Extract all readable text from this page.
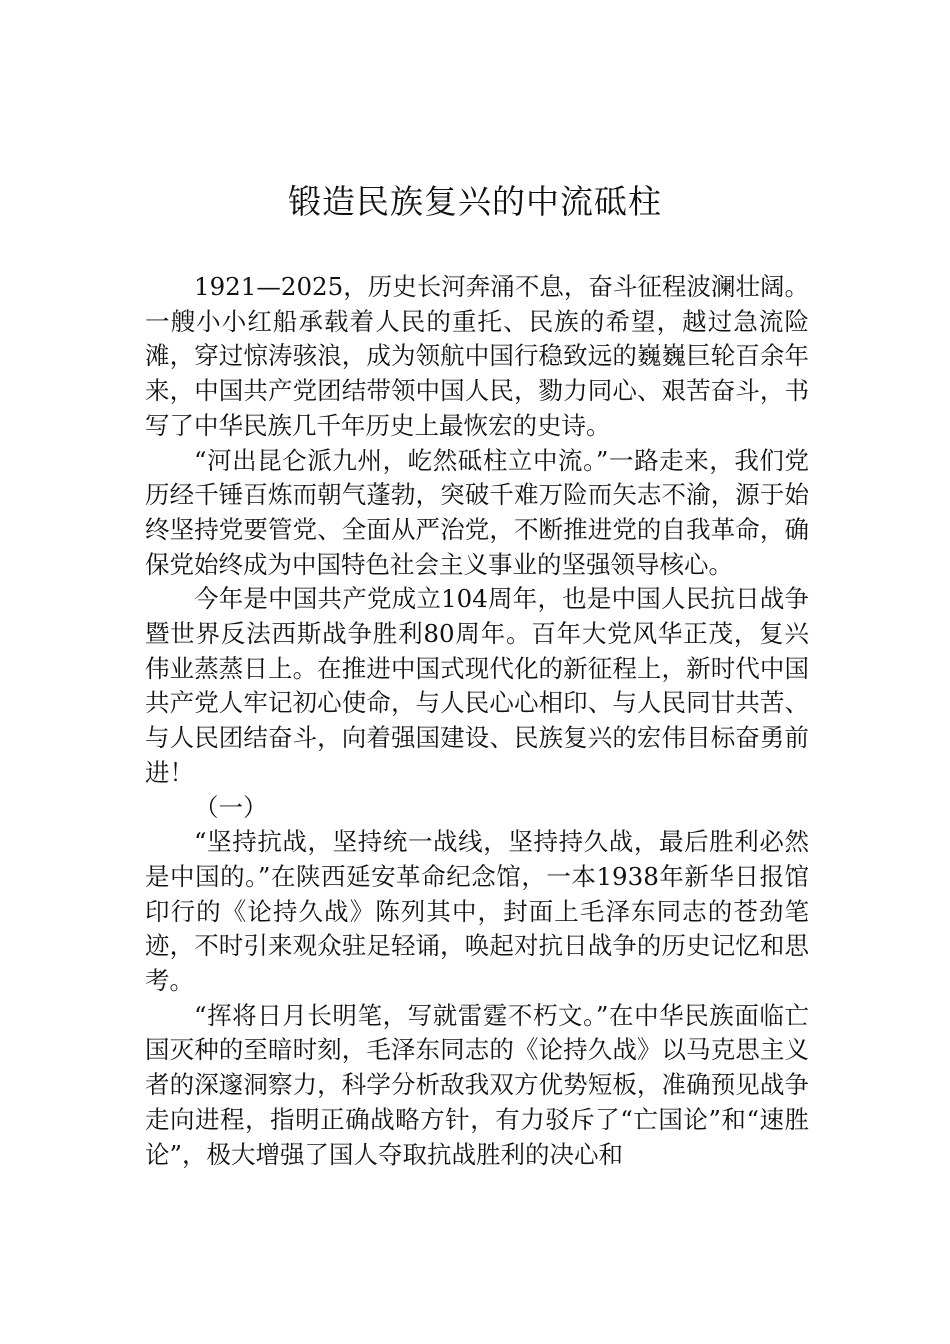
锻造民族复兴的中流砥柱

1921—2025，历史长河奔涌不息，奋斗征程波澜壮阔。一艘小小红船承载着人民的重托、民族的希望，越过急流险滩，穿过惊涛骇浪，成为领航中国行稳致远的巍巍巨轮百余年来，中国共产党团结带领中国人民，勠力同心、艰苦奋斗，书写了中华民族几千年历史上最恢宏的史诗。

“河出昆仑派九州，屹然砥柱立中流。”一路走来，我们党历经千锤百炼而朝气蓬勃，突破千难万险而矢志不渝，源于始终坚持党要管党、全面从严治党，不断推进党的自我革命，确保党始终成为中国特色社会主义事业的坚强领导核心。

今年是中国共产党成立104周年，也是中国人民抗日战争暨世界反法西斯战争胜利80周年。百年大党风华正茂，复兴伟业蒸蒸日上。在推进中国式现代化的新征程上，新时代中国共产党人牢记初心使命，与人民心心相印、与人民同甘共苦、与人民团结奋斗，向着强国建设、民族复兴的宏伟目标奋勇前进！

（一）

“坚持抗战，坚持统一战线，坚持持久战，最后胜利必然是中国的。”在陕西延安革命纪念馆，一本1938年新华日报馆印行的《论持久战》陈列其中，封面上毛泽东同志的苍劲笔迹，不时引来观众驻足轻诵，唤起对抗日战争的历史记忆和思考。

“挥将日月长明笔，写就雷霆不朽文。”在中华民族面临亡国灭种的至暗时刻，毛泽东同志的《论持久战》以马克思主义者的深邃洞察力，科学分析敌我双方优势短板，准确预见战争走向进程，指明正确战略方针，有力驳斥了“亡国论”和“速胜论”，极大增强了国人夺取抗战胜利的决心和
